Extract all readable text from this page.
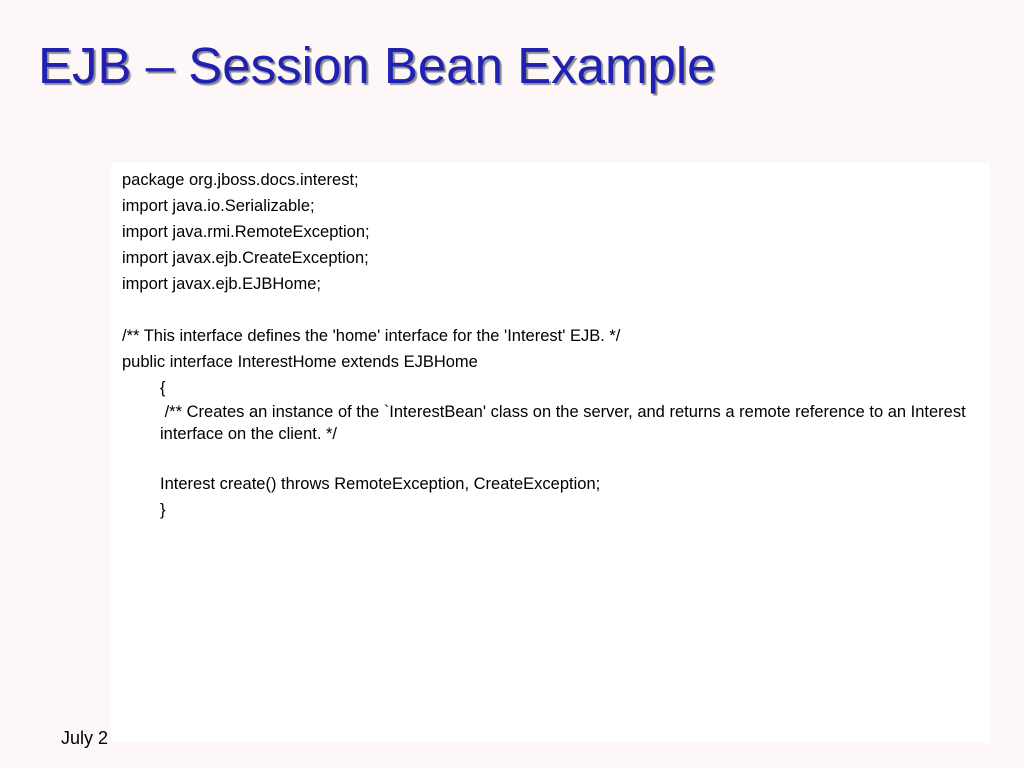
EJB – Session Bean Example
July 2
package org.jboss.docs.interest;
import java.io.Serializable;
import java.rmi.RemoteException;
import javax.ejb.CreateException;
import javax.ejb.EJBHome;
/** This interface defines the 'home' interface for the 'Interest' EJB. */
public interface InterestHome extends EJBHome
{
/** Creates an instance of the `InterestBean' class on the server, and returns a remote reference to an Interest interface on the client. */
Interest create() throws RemoteException, CreateException;
}
